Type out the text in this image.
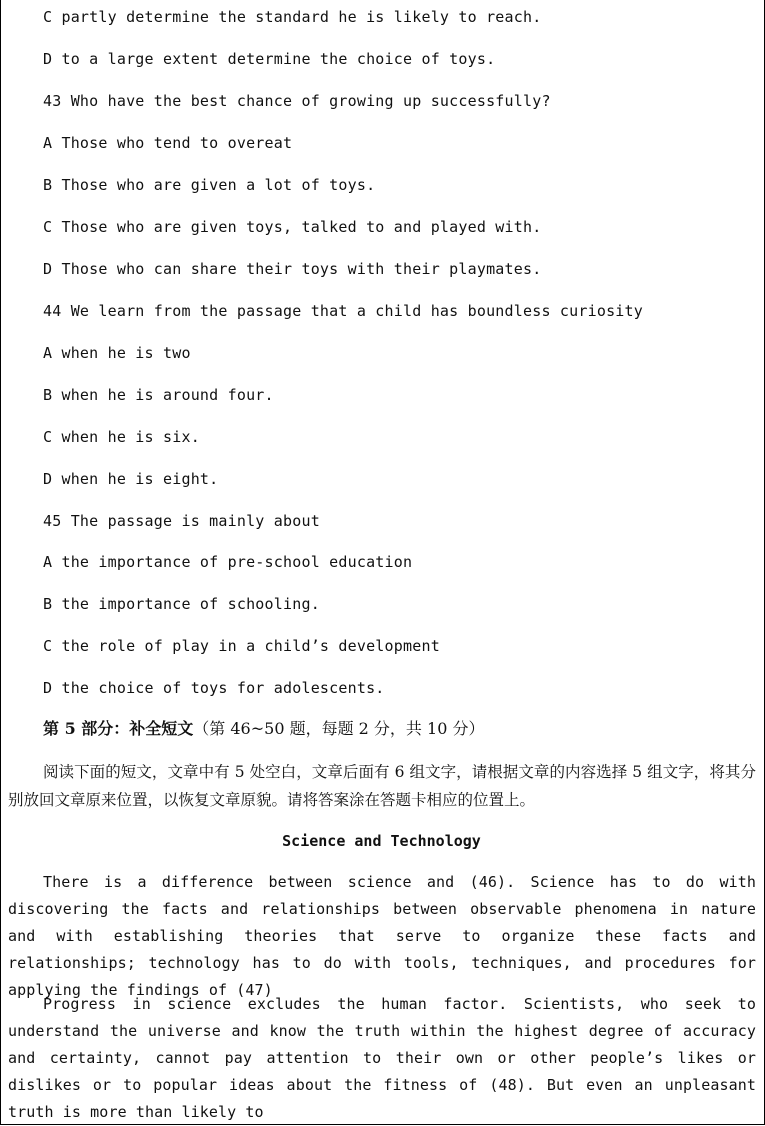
C partly determine the standard he is likely to reach.
D to a large extent determine the choice of toys.
43 Who have the best chance of growing up successfully?
A Those who tend to overeat
B Those who are given a lot of toys.
C Those who are given toys, talked to and played with.
D Those who can share their toys with their playmates.
44 We learn from the passage that a child has boundless curiosity
A when he is two
B when he is around four.
C when he is six.
D when he is eight.
45 The passage is mainly about
A the importance of pre-school education
B the importance of schooling.
C the role of play in a child’s development
D the choice of toys for adolescents.
第 5 部分：补全短文（第 46~50 题，每题 2 分，共 10 分）
阅读下面的短文，文章中有 5 处空白，文章后面有 6 组文字，请根据文章的内容选择 5 组文字，将其分别放回文章原来位置，以恢复文章原貌。请将答案涂在答题卡相应的位置上。
Science and Technology
There is a difference between science and (46). Science has to do with discovering the facts and relationships between observable phenomena in nature and with establishing theories that serve to organize these facts and relationships; technology has to do with tools, techniques, and procedures for applying the findings of (47)
Progress in science excludes the human factor. Scientists, who seek to understand the universe and know the truth within the highest degree of accuracy and certainty, cannot pay attention to their own or other people’s likes or dislikes or to popular ideas about the fitness of (48). But even an unpleasant truth is more than likely to
